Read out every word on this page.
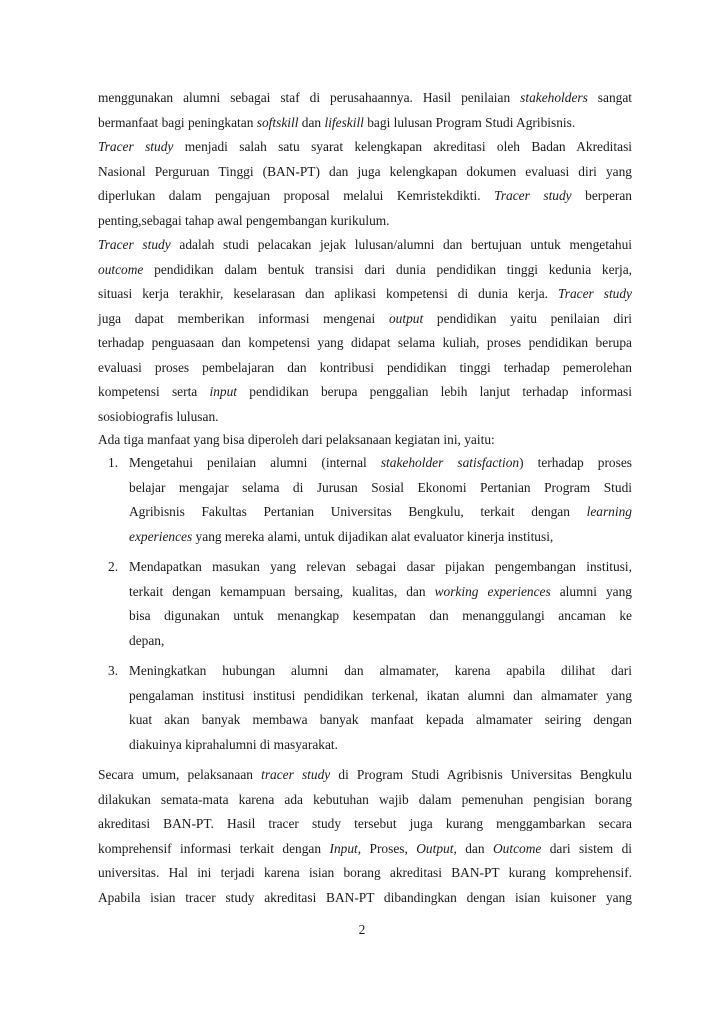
menggunakan alumni sebagai staf di perusahaannya. Hasil penilaian stakeholders sangat
bermanfaat bagi peningkatan softskill dan lifeskill bagi lulusan Program Studi Agribisnis.

Tracer study menjadi salah satu syarat kelengkapan akreditasi oleh Badan Akreditasi
Nasional Perguruan Tinggi (BAN-PT) dan juga kelengkapan dokumen evaluasi diri yang
diperlukan dalam pengajuan proposal melalui Kemristekdikti. Tracer study berperan
penting,sebagai tahap awal pengembangan kurikulum.

Tracer study adalah studi pelacakan jejak lulusan/alumni dan bertujuan untuk mengetahui
outcome pendidikan dalam bentuk transisi dari dunia pendidikan tinggi kedunia kerja,
situasi kerja terakhir, keselarasan dan aplikasi kompetensi di dunia kerja. Tracer study
juga dapat memberikan informasi mengenai output pendidikan yaitu penilaian diri
terhadap penguasaan dan kompetensi yang didapat selama kuliah, proses pendidikan berupa
evaluasi proses pembelajaran dan kontribusi pendidikan tinggi terhadap pemerolehan
kompetensi serta input pendidikan berupa penggalian lebih lanjut terhadap informasi
sosiobiografis lulusan.

Ada tiga manfaat yang bisa diperoleh dari pelaksanaan kegiatan ini, yaitu:

1. Mengetahui penilaian alumni (internal stakeholder satisfaction) terhadap proses
belajar mengajar selama di Jurusan Sosial Ekonomi Pertanian Program Studi
Agribisnis Fakultas Pertanian Universitas Bengkulu, terkait dengan learning
experiences yang mereka alami, untuk dijadikan alat evaluator kinerja institusi,
2. Mendapatkan masukan yang relevan sebagai dasar pijakan pengembangan institusi,
terkait dengan kemampuan bersaing, kualitas, dan working experiences alumni yang
bisa digunakan untuk menangkap kesempatan dan menanggulangi ancaman ke
depan,
3. Meningkatkan hubungan alumni dan almamater, karena apabila dilihat dari
pengalaman institusi institusi pendidikan terkenal, ikatan alumni dan almamater yang
kuat akan banyak membawa banyak manfaat kepada almamater seiring dengan
diakuinya kiprahalumni di masyarakat.

Secara umum, pelaksanaan tracer study di Program Studi Agribisnis Universitas Bengkulu
dilakukan semata-mata karena ada kebutuhan wajib dalam pemenuhan pengisian borang
akreditasi BAN-PT. Hasil tracer study tersebut juga kurang menggambarkan secara
komprehensif informasi terkait dengan Input, Proses, Output, dan Outcome dari sistem di
universitas. Hal ini terjadi karena isian borang akreditasi BAN-PT kurang komprehensif.
Apabila isian tracer study akreditasi BAN-PT dibandingkan dengan isian kuisoner yang

2
